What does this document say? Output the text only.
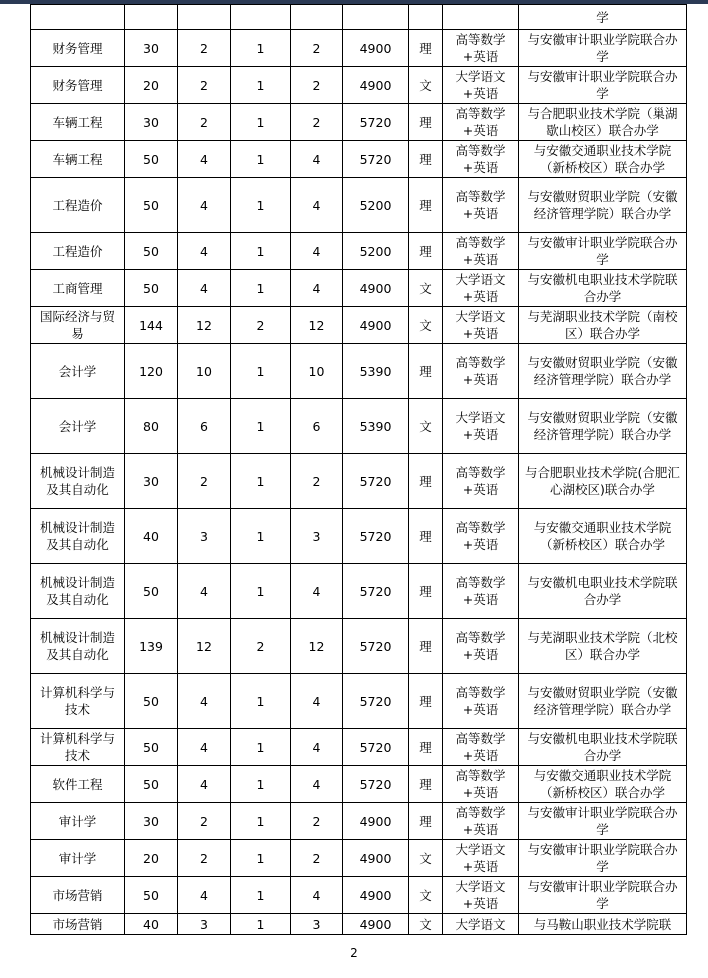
								学
财务管理	30	2	1	2	4900	理	高等数学+英语	与安徽审计职业学院联合办学
财务管理	20	2	1	2	4900	文	大学语文+英语	与安徽审计职业学院联合办学
车辆工程	30	2	1	2	5720	理	高等数学+英语	与合肥职业技术学院（巢湖歇山校区）联合办学
车辆工程	50	4	1	4	5720	理	高等数学+英语	与安徽交通职业技术学院（新桥校区）联合办学
工程造价	50	4	1	4	5200	理	高等数学+英语	与安徽财贸职业学院（安徽经济管理学院）联合办学
工程造价	50	4	1	4	5200	理	高等数学+英语	与安徽审计职业学院联合办学
工商管理	50	4	1	4	4900	文	大学语文+英语	与安徽机电职业技术学院联合办学
国际经济与贸易	144	12	2	12	4900	文	大学语文+英语	与芜湖职业技术学院（南校区）联合办学
会计学	120	10	1	10	5390	理	高等数学+英语	与安徽财贸职业学院（安徽经济管理学院）联合办学
会计学	80	6	1	6	5390	文	大学语文+英语	与安徽财贸职业学院（安徽经济管理学院）联合办学
机械设计制造及其自动化	30	2	1	2	5720	理	高等数学+英语	与合肥职业技术学院(合肥汇心湖校区)联合办学
机械设计制造及其自动化	40	3	1	3	5720	理	高等数学+英语	与安徽交通职业技术学院（新桥校区）联合办学
机械设计制造及其自动化	50	4	1	4	5720	理	高等数学+英语	与安徽机电职业技术学院联合办学
机械设计制造及其自动化	139	12	2	12	5720	理	高等数学+英语	与芜湖职业技术学院（北校区）联合办学
计算机科学与技术	50	4	1	4	5720	理	高等数学+英语	与安徽财贸职业学院（安徽经济管理学院）联合办学
计算机科学与技术	50	4	1	4	5720	理	高等数学+英语	与安徽机电职业技术学院联合办学
软件工程	50	4	1	4	5720	理	高等数学+英语	与安徽交通职业技术学院（新桥校区）联合办学
审计学	30	2	1	2	4900	理	高等数学+英语	与安徽审计职业学院联合办学
审计学	20	2	1	2	4900	文	大学语文+英语	与安徽审计职业学院联合办学
市场营销	50	4	1	4	4900	文	大学语文+英语	与安徽审计职业学院联合办学
市场营销	40	3	1	3	4900	文	大学语文	与马鞍山职业技术学院联
2
